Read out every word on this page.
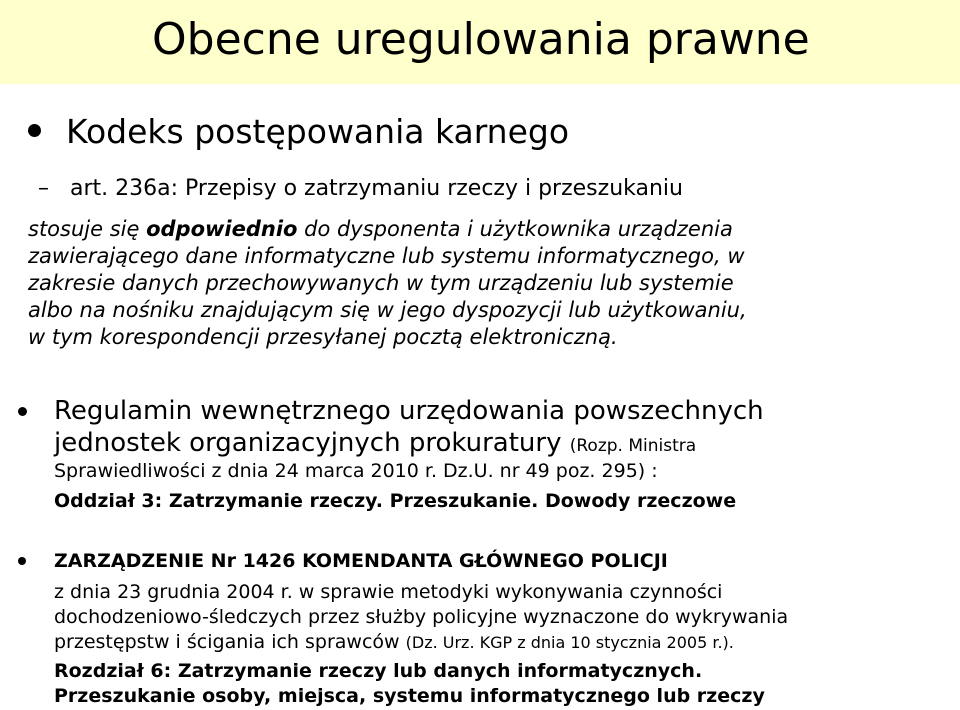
Obecne uregulowania prawne
Kodeks postępowania karnego
– art. 236a: Przepisy o zatrzymaniu rzeczy i przeszukaniu
stosuje się odpowiednio do dysponenta i użytkownika urządzenia
zawierającego dane informatyczne lub systemu informatycznego, w
zakresie danych przechowywanych w tym urządzeniu lub systemie
albo na nośniku znajdującym się w jego dyspozycji lub użytkowaniu,
w tym korespondencji przesyłanej pocztą elektroniczną.
Regulamin wewnętrznego urzędowania powszechnych
jednostek organizacyjnych prokuratury (Rozp. Ministra
Sprawiedliwości z dnia 24 marca 2010 r. Dz.U. nr 49 poz. 295) :
Oddział 3: Zatrzymanie rzeczy. Przeszukanie. Dowody rzeczowe
ZARZĄDZENIE Nr 1426 KOMENDANTA GŁÓWNEGO POLICJI
z dnia 23 grudnia 2004 r. w sprawie metodyki wykonywania czynności
dochodzeniowo-śledczych przez służby policyjne wyznaczone do wykrywania
przestępstw i ścigania ich sprawców (Dz. Urz. KGP z dnia 10 stycznia 2005 r.).
Rozdział 6: Zatrzymanie rzeczy lub danych informatycznych.
Przeszukanie osoby, miejsca, systemu informatycznego lub rzeczy
